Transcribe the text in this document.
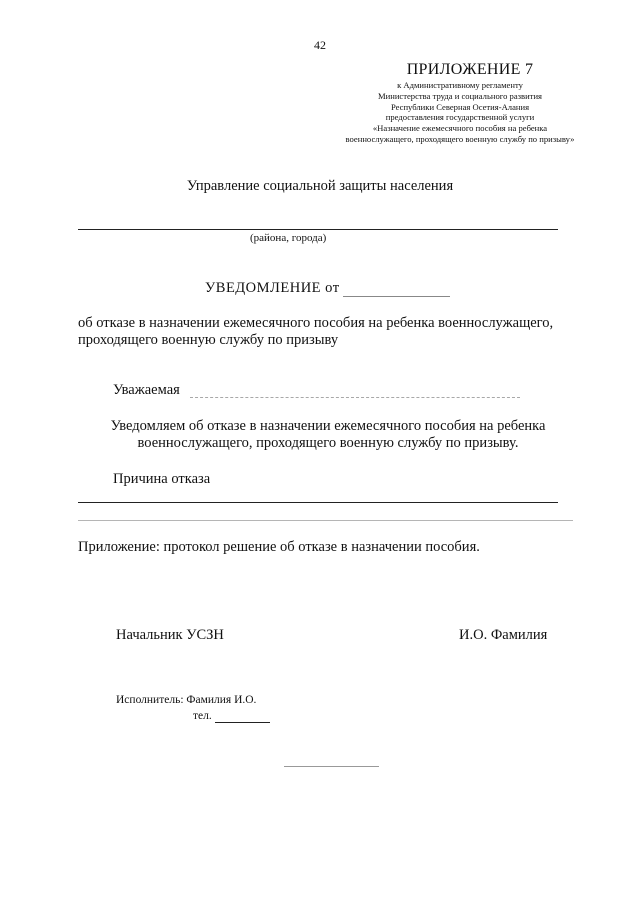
42
ПРИЛОЖЕНИЕ 7
к Административному регламенту
Министерства труда и социального развития
Республики Северная Осетия-Алания
предоставления государственной услуги
«Назначение ежемесячного пособия на ребенка
военнослужащего, проходящего военную службу по призыву»
Управление социальной защиты населения
(района, города)
УВЕДОМЛЕНИЕ от
об отказе в назначении ежемесячного пособия на ребенка военнослужащего,
проходящего военную службу по призыву
Уважаемая
Уведомляем об отказе в назначении ежемесячного пособия на ребенка
военнослужащего, проходящего военную службу по призыву.
Причина отказа
Приложение: протокол решение об отказе в назначении пособия.
Начальник УСЗН	И.О. Фамилия
Исполнитель: Фамилия И.О.
тел.
